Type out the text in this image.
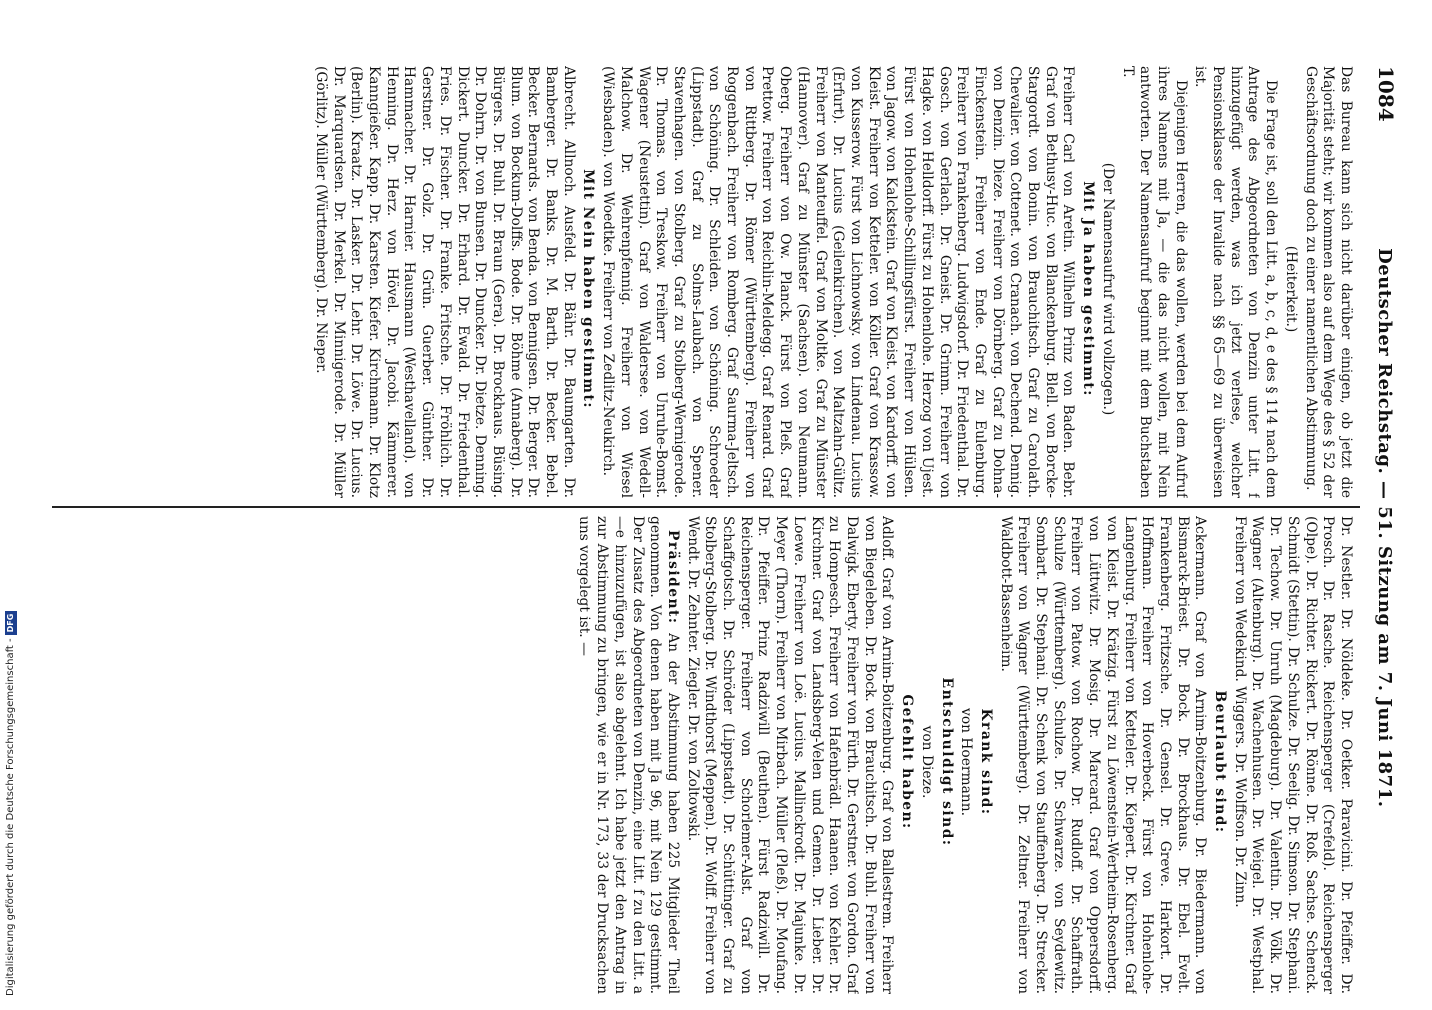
1084
Deutscher Reichstag. — 51. Sitzung am 7. Juni 1871.

Das Bureau kann sich nicht darüber einigen, ob jetzt die Majorität steht; wir kommen also auf dem Wege des § 52 der Geschäftsordnung doch zu einer namentlichen Abstimmung.

(Heiterkeit.)

Die Frage ist, soll den Litt. a, b, c, d, e des § 114 nach dem Antrage des Abgeordneten von Denzin unter Litt. f hinzugefügt werden, was ich jetzt verlese, welcher Pensionsklasse der Invalide nach §§ 65—69 zu überweisen ist.

Diejenigen Herren, die das wollen, werden bei dem Aufruf ihres Namens mit Ja, — die das nicht wollen, mit Nein antworten. Der Namensaufruf beginnt mit dem Buchstaben T.

(Der Namensaufruf wird vollzogen.)

Mit Ja haben gestimmt:

Freiherr Carl von Aretin. Wilhelm Prinz von Baden. Bebr. Graf von Bethusy-Huc. von Blanckenburg. Blell. von Borcke-Stargordt. von Bonin. von Brauchitsch. Graf zu Carolath. Chevalier. von Cottenet. von Cranach. von Dechend. Dennig. von Denzin. Dieze. Freiherr von Dörnberg. Graf zu Dohna-Finckenstein. Freiherr von Ende. Graf zu Eulenburg. Freiherr von Frankenberg. Ludwigsdorf. Dr. Friedenthal. Dr. Gosch. von Gerlach. Dr. Gneist. Dr. Grimm. Freiherr von Hagke. von Helldorff. Fürst zu Hohenlohe. Herzog von Ujest. Fürst von Hohenlohe-Schillingsfürst. Freiherr von Hülsen. von Jagow. von Kalckstein. Graf von Kleist. von Kardorff. von Kleist. Freiherr von Ketteler. von Köller. Graf von Krassow. von Kusserow. Fürst von Lichnowsky. von Lindenau. Lucius (Erfurt). Dr. Lucius (Geilenkirchen). von Maltzahn-Gültz. Freiherr von Manteuffel. Graf von Moltke. Graf zu Münster (Hannover). Graf zu Münster (Sachsen). von Neumann. Oberg. Freiherr von Ow. Planck. Fürst von Pleß. Graf Prettow. Freiherr von Reichlin-Meldegg. Graf Renard. Graf von Rittberg. Dr. Römer (Württemberg). Freiherr von Roggenbach. Freiherr von Romberg. Graf Saurma-Jeltsch. von Schöning. Dr. Schleiden. von Schöning. Schroeder (Lippstadt). Graf zu Solms-Laubach. von Spener. Stavenhagen. von Stolberg. Graf zu Stolberg-Wernigerode. Dr. Thomas. von Treskow. Freiherr von Unruhe-Bomst. Wagener (Neustettin). Graf von Waldersee. von Wedell-Malchow. Dr. Wehrenpfennig. Freiherr von Wiesel (Wiesbaden). von Woedtke. Freiherr von Zedlitz-Neukirch.

Mit Nein haben gestimmt:

Albrecht. Allnoch. Ausfeld. Dr. Bähr. Dr. Baumgarten. Dr. Bamberger. Dr. Banks. Dr. M. Barth. Dr. Becker. Bebel. Becker. Bernards. von Benda. von Bennigsen. Dr. Berger. Dr. Blum. von Bockum-Dolffs. Bode. Dr. Böhme (Annaberg). Dr. Bürgers. Dr. Buhl. Dr. Braun (Gera). Dr. Brockhaus. Büsing. Dr. Dohrn. Dr. von Bunsen. Dr. Duncker. Dr. Dietze. Denning. Dickert. Duncker. Dr. Erhard. Dr. Ewald. Dr. Friedenthal. Fries. Dr. Fischer. Dr. Franke. Fritsche. Dr. Fröhlich. Dr. Gerstner. Dr. Golz. Dr. Grün. Guerber. Günther. Dr. Hammacher. Dr. Harnier. Hausmann (Westhavelland). von Henning. Dr. Herz. von Hövel. Dr. Jacobi. Kämmerer. Kanngießer. Kapp. Dr. Karsten. Kiefer. Kirchmann. Dr. Klotz (Berlin). Kraatz. Dr. Lasker. Dr. Lehr. Dr. Löwe. Dr. Lucius. Dr. Marquardsen. Dr. Merkel. Dr. Minnigerode. Dr. Müller (Görlitz). Müller (Württemberg). Dr. Nieper.

Dr. Nestler. Dr. Nöldeke. Dr. Oetker. Paravicini. Dr. Pfeiffer. Dr. Prosch. Dr. Rasche. Reichensperger (Crefeld). Reichensperger (Olpe). Dr. Richter. Rickert. Dr. Rönne. Dr. Roß. Sachse. Schenck. Schmidt (Stettin). Dr. Schulze. Dr. Seelig. Dr. Simson. Dr. Stephani. Dr. Techow. Dr. Unruh (Magdeburg). Dr. Valentin. Dr. Völk. Dr. Wagner (Altenburg). Dr. Wachenhusen. Dr. Weigel. Dr. Westphal. Freiherr von Wedekind. Wiggers. Dr. Wolffson. Dr. Zinn.

Beurlaubt sind:

Ackermann. Graf von Arnim-Boitzenburg. Dr. Biedermann. von Bismarck-Briest. Dr. Bock. Dr. Brockhaus. Dr. Ebel. Evelt. Frankenberg. Fritzsche. Dr. Gensel. Dr. Greve. Harkort. Dr. Hoffmann. Freiherr von Hoverbeck. Fürst von Hohenlohe-Langenburg. Freiherr von Ketteler. Dr. Kiepert. Dr. Kirchner. Graf von Kleist. Dr. Krätzig. Fürst zu Löwenstein-Wertheim-Rosenberg. von Lüttwitz. Dr. Mosig. Dr. Marcard. Graf von Oppersdorff. Freiherr von Patow. von Rochow. Dr. Rudloff. Dr. Schaffrath. Schulze (Württemberg). Schulze. Dr. Schwarze. von Seydewitz. Sombart. Dr. Stephani. Dr. Schenk von Stauffenberg. Dr. Strecker. Freiherr von Wagner (Württemberg). Dr. Zeltner. Freiherr von Waldbott-Bassenheim.

Krank sind:

von Hoermann.

Entschuldigt sind:

von Dieze.

Gefehlt haben:

Adloff. Graf von Arnim-Boitzenburg. Graf von Ballestrem. Freiherr von Biegeleben. Dr. Bock. von Brauchitsch. Dr. Buhl. Freiherr von Dalwigk. Eberty. Freiherr von Fürth. Dr. Gerstner. von Gordon. Graf zu Hompesch. Freiherr von Hafenbrädl. Haanen. von Kehler. Dr. Kirchner. Graf von Landsberg-Velen und Gemen. Dr. Lieber. Dr. Loewe. Freiherr von Loë. Lucius. Mallinckrodt. Dr. Majunke. Dr. Meyer (Thorn). Freiherr von Mirbach. Müller (Pleß). Dr. Moufang. Dr. Pfeiffer. Prinz Radziwill (Beuthen). Fürst Radziwill. Dr. Reichensperger. Freiherr von Schorlemer-Alst. Graf von Schaffgotsch. Dr. Schröder (Lippstadt). Dr. Schüttinger. Graf zu Stolberg-Stolberg. Dr. Windthorst (Meppen). Dr. Wolff. Freiherr von Wendt. Dr. Zehnter. Ziegler. Dr. von Zoltowski.

Präsident: An der Abstimmung haben 225 Mitglieder Theil genommen. Von denen haben mit Ja 96, mit Nein 129 gestimmt. Der Zusatz des Abgeordneten von Denzin, eine Litt. f zu den Litt. a—e hinzuzufügen, ist also abgelehnt. Ich habe jetzt den Antrag in zur Abstimmung zu bringen, wie er in Nr. 173, 33 der Drucksachen uns vorgelegt ist. —

Digitalisierung gefördert durch die Deutsche Forschungsgemeinschaft -
DFG
